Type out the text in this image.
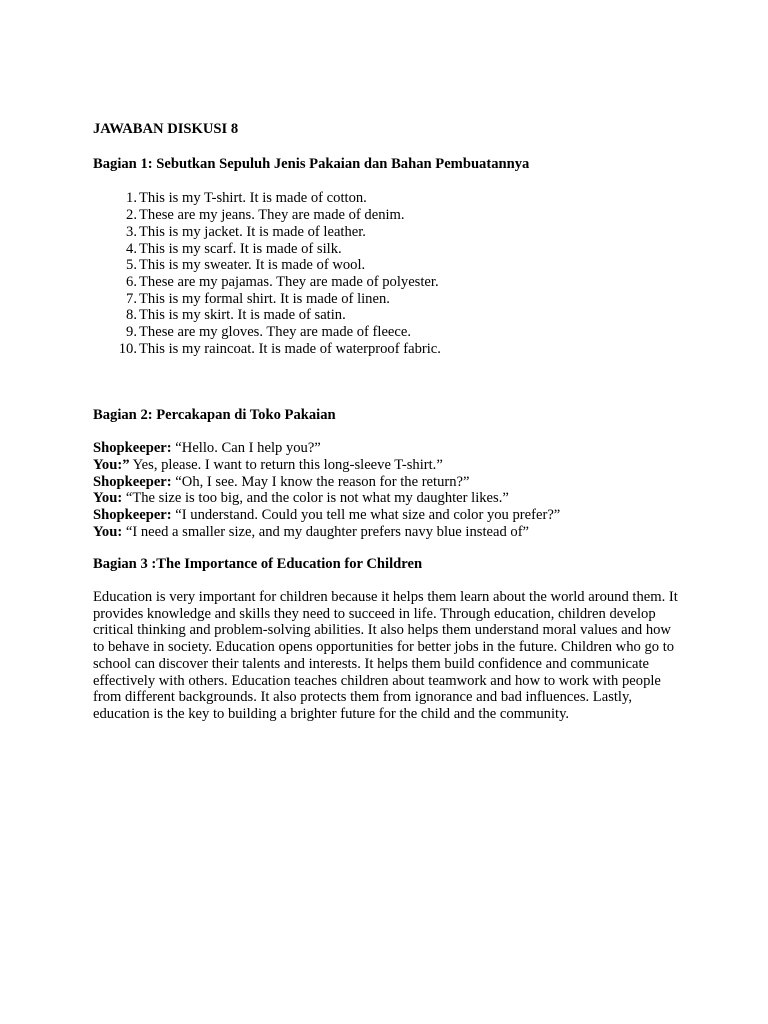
JAWABAN DISKUSI 8

Bagian 1: Sebutkan Sepuluh Jenis Pakaian dan Bahan Pembuatannya

1. This is my T-shirt. It is made of cotton.
2. These are my jeans. They are made of denim.
3. This is my jacket. It is made of leather.
4. This is my scarf. It is made of silk.
5. This is my sweater. It is made of wool.
6. These are my pajamas. They are made of polyester.
7. This is my formal shirt. It is made of linen.
8. This is my skirt. It is made of satin.
9. These are my gloves. They are made of fleece.
10. This is my raincoat. It is made of waterproof fabric.

Bagian 2: Percakapan di Toko Pakaian

Shopkeeper: “Hello. Can I help you?”
You:” Yes, please. I want to return this long-sleeve T-shirt.”
Shopkeeper: “Oh, I see. May I know the reason for the return?”
You: “The size is too big, and the color is not what my daughter likes.”
Shopkeeper: “I understand. Could you tell me what size and color you prefer?”
You: “I need a smaller size, and my daughter prefers navy blue instead of”

Bagian 3 :The Importance of Education for Children

Education is very important for children because it helps them learn about the world around them. It provides knowledge and skills they need to succeed in life. Through education, children develop critical thinking and problem-solving abilities. It also helps them understand moral values and how to behave in society. Education opens opportunities for better jobs in the future. Children who go to school can discover their talents and interests. It helps them build confidence and communicate effectively with others. Education teaches children about teamwork and how to work with people from different backgrounds. It also protects them from ignorance and bad influences. Lastly, education is the key to building a brighter future for the child and the community.
